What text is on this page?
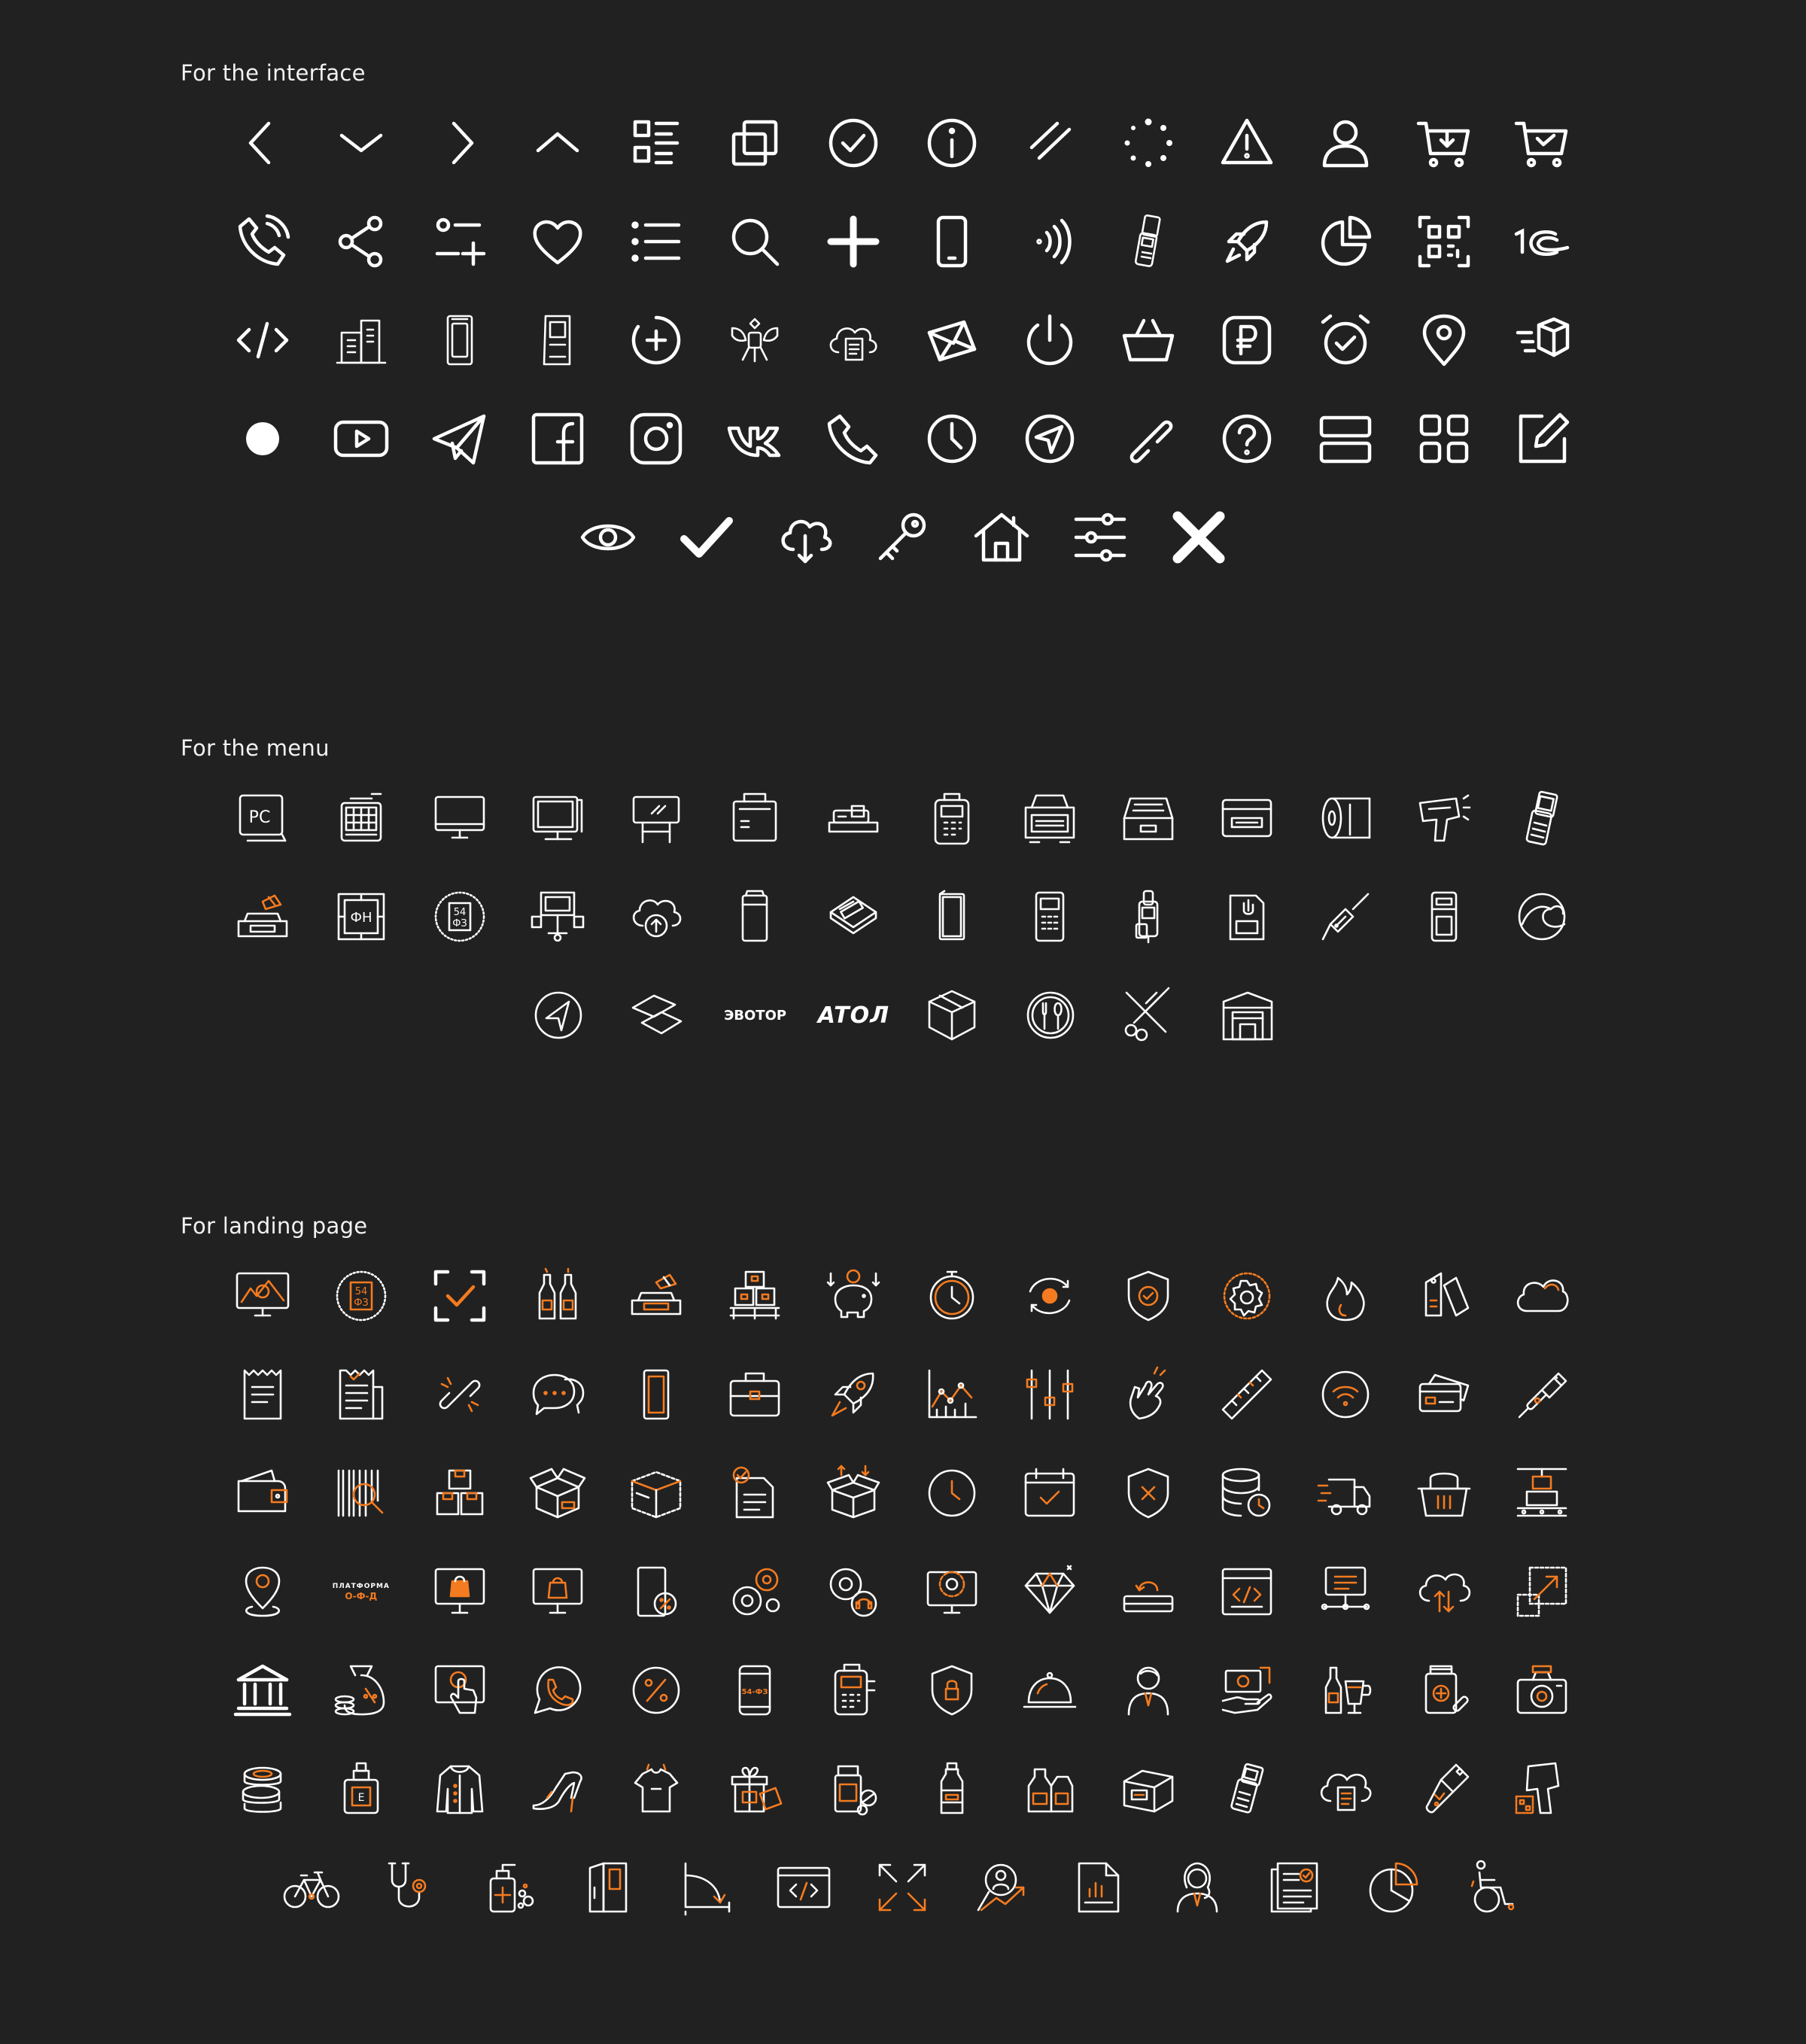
For the interface
For the menu
For landing page
PC
ФН	54
ФЗ
ЭВОТОР ATOЛ
54
ФЗ
ПЛАТФОРМА
О-Ф-Д
54-ФЗ
E
